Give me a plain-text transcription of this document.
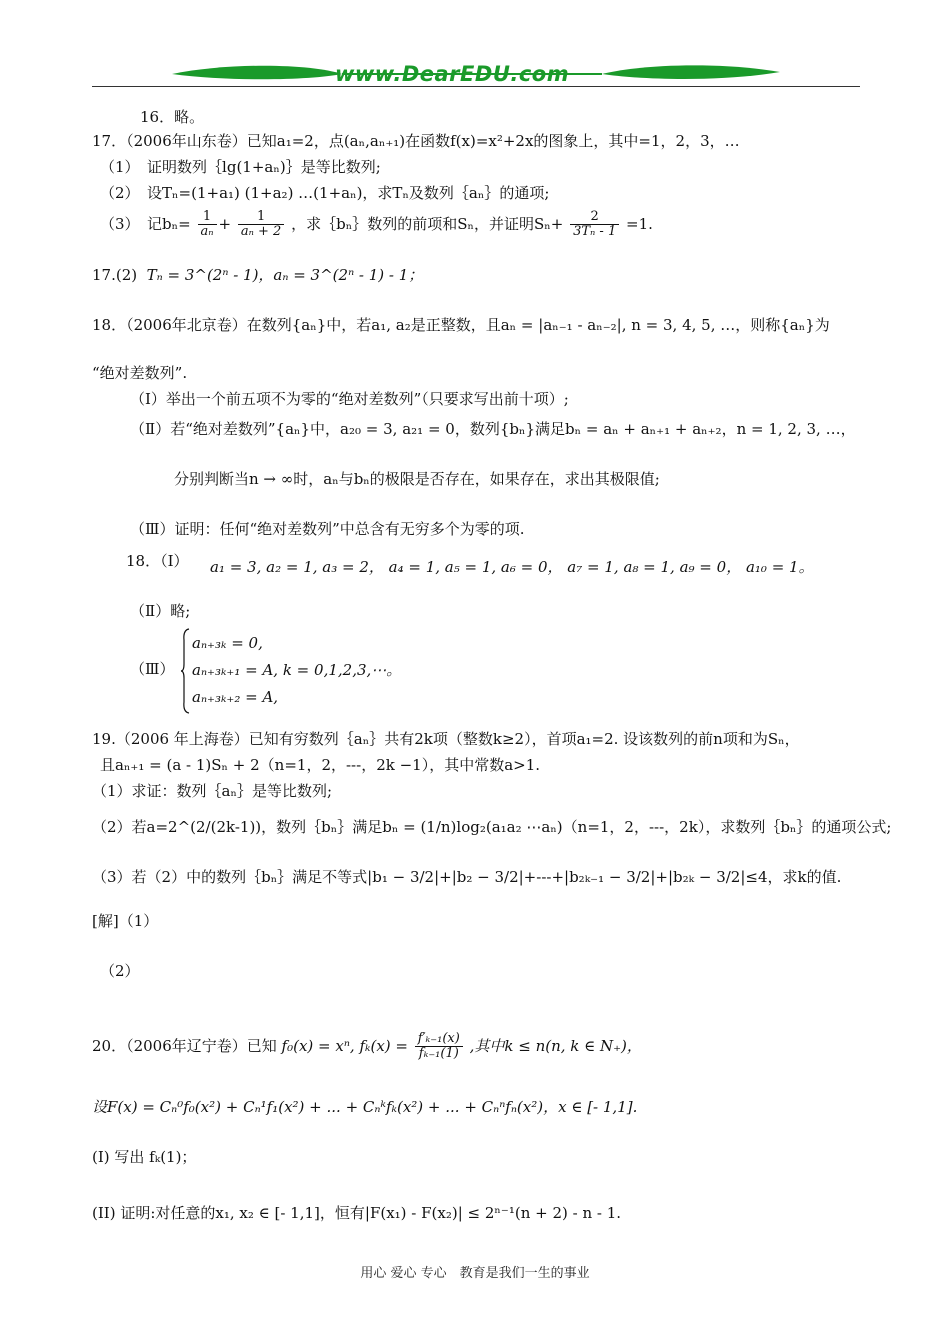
www.DearEDU.com
16．略。
17．（2006年山东卷）已知a₁=2，点(aₙ,aₙ₊₁)在函数f(x)=x²+2x的图象上，其中=1，2，3，…
（1）　证明数列｛lg(1+aₙ)｝是等比数列;
（2）　设Tₙ=(1+a₁) (1+a₂) …(1+aₙ)，求Tₙ及数列｛aₙ｝的通项;
（3）　记$b_n= \frac{1}{\text{aₙ}} + \frac{1}{\text{aₙ + 2}}$ ，求｛bₙ｝数列的前项和Sₙ，并证明$S_n+ \frac{2}{\text{3Tₙ - 1}} =1$.
17.(2) Tₙ = 3^(2ⁿ - 1)，aₙ = 3^(2ⁿ - 1) - 1；
18．（2006年北京卷）在数列{aₙ}中，若a₁, a₂是正整数，且aₙ = |aₙ₋₁ - aₙ₋₂|, n = 3, 4, 5, …，则称{aₙ}为
“绝对差数列”.
（Ⅰ）举出一个前五项不为零的“绝对差数列”（只要求写出前十项）;
（Ⅱ）若“绝对差数列”{aₙ}中，a₂₀ = 3, a₂₁ = 0，数列{bₙ}满足bₙ = aₙ + aₙ₊₁ + aₙ₊₂，n = 1, 2, 3, …，
分别判断当n → ∞时，aₙ与bₙ的极限是否存在，如果存在，求出其极限值;
（Ⅲ）证明：任何“绝对差数列”中总含有无穷多个为零的项.
18．（Ⅰ） a₁ = 3, a₂ = 1, a₃ = 2， a₄ = 1, a₅ = 1, a₆ = 0， a₇ = 1, a₈ = 1, a₉ = 0， a₁₀ = 1。
（Ⅱ）略;
（Ⅲ）
aₙ₊₃ₖ = 0,
aₙ₊₃ₖ₊₁ = A, k = 0,1,2,3,⋯。
aₙ₊₃ₖ₊₂ = A,
19.（2006 年上海卷）已知有穷数列｛aₙ｝共有2k项（整数k≥2），首项a₁=2. 设该数列的前n项和为Sₙ，
且aₙ₊₁ = (a - 1)Sₙ + 2（n=1，2，---，2k −1），其中常数a>1.
（1）求证：数列｛aₙ｝是等比数列;
（2）若a=2^(2/(2k-1))，数列｛bₙ｝满足bₙ = (1/n)log₂(a₁a₂ ⋯aₙ)（n=1，2，---，2k），求数列｛bₙ｝的通项公式;
（3）若（2）中的数列｛bₙ｝满足不等式|b₁ − 3/2|+|b₂ − 3/2|+---+|b₂ₖ₋₁ − 3/2|+|b₂ₖ − 3/2|≤4，求k的值.
[解]（1）
（2）
20．（2006年辽宁卷）已知 f₀(x) = xⁿ, $f_k(x) = \frac{\text{f′ₖ₋₁(x)}}{\text{fₖ₋₁(1)}}$ ,其中k ≤ n(n, k ∈ N₊)，
设F(x) = Cₙ⁰f₀(x²) + Cₙ¹f₁(x²) + ... + Cₙᵏfₖ(x²) + ... + Cₙⁿfₙ(x²)，x ∈ [- 1,1].
(I) 写出 fₖ(1)；
(II) 证明:对任意的x₁, x₂ ∈ [- 1,1]，恒有|F(x₁) - F(x₂)| ≤ 2ⁿ⁻¹(n + 2) - n - 1.
用心 爱心 专心　教育是我们一生的事业
